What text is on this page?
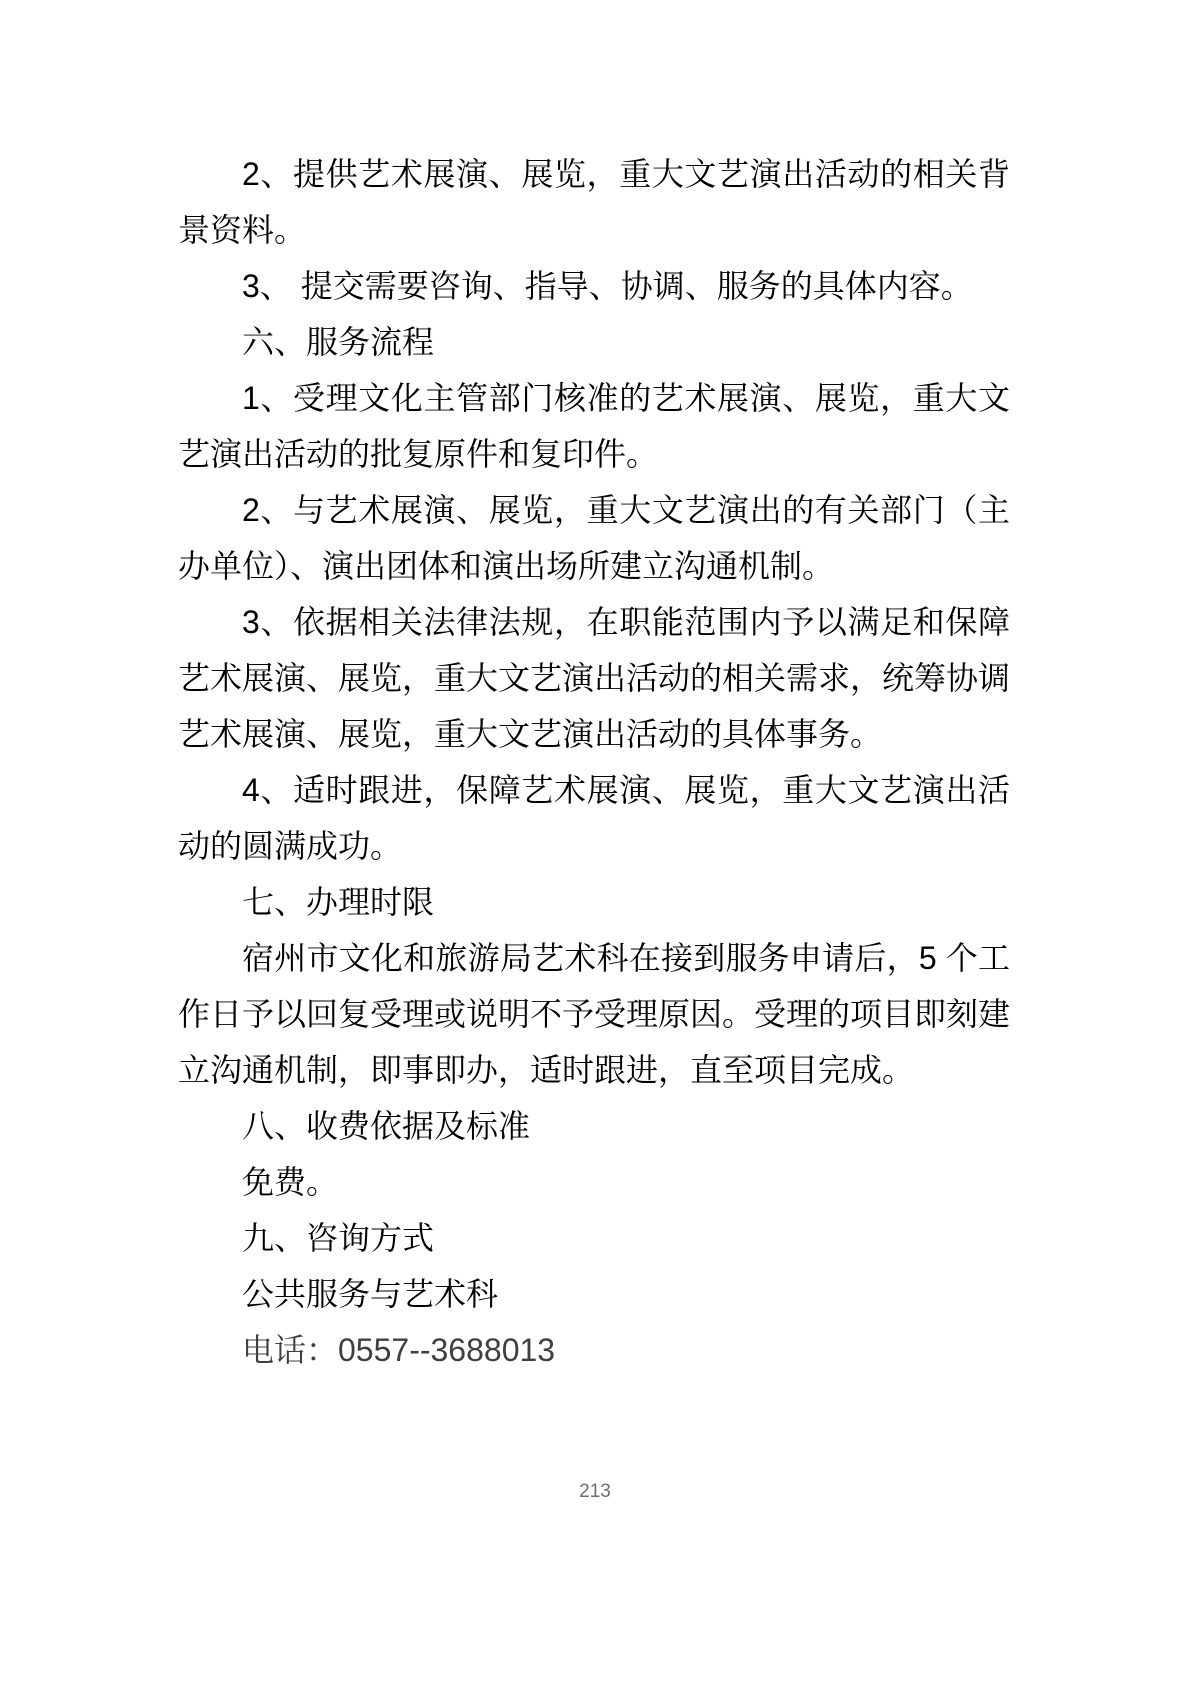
2、提供艺术展演、展览，重大文艺演出活动的相关背景资料。

3、 提交需要咨询、指导、协调、服务的具体内容。

六、服务流程

1、受理文化主管部门核准的艺术展演、展览，重大文艺演出活动的批复原件和复印件。

2、与艺术展演、展览，重大文艺演出的有关部门（主办单位）、演出团体和演出场所建立沟通机制。

3、依据相关法律法规，在职能范围内予以满足和保障艺术展演、展览，重大文艺演出活动的相关需求，统筹协调艺术展演、展览，重大文艺演出活动的具体事务。

4、适时跟进，保障艺术展演、展览，重大文艺演出活动的圆满成功。

七、办理时限

宿州市文化和旅游局艺术科在接到服务申请后，5 个工作日予以回复受理或说明不予受理原因。受理的项目即刻建立沟通机制，即事即办，适时跟进，直至项目完成。

八、收费依据及标准

免费。

九、咨询方式

公共服务与艺术科

电话：0557--3688013

213
